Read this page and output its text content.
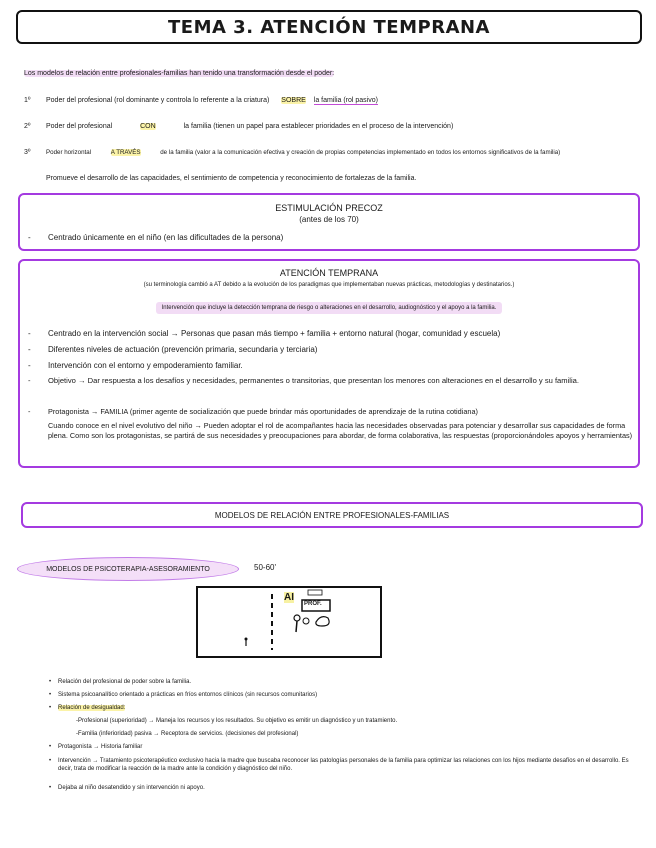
TEMA 3. ATENCIÓN TEMPRANA
Los modelos de relación entre profesionales-familias han tenido una transformación desde el poder:
1º Poder del profesional (rol dominante y controla lo referente a la criatura) SOBRE la familia (rol pasivo)
2º Poder del profesional	CON	la familia (tienen un papel para establecer prioridades en el proceso de la intervención)
3º	Poder horizontal	A TRAVÉS	de la familia (valor a la comunicación efectiva y creación de propias competencias implementado en todos los entornos significativos de la familia)
Promueve el desarrollo de las capacidades, el sentimiento de competencia y reconocimiento de fortalezas de la familia.
ESTIMULACIÓN PRECOZ
(antes de los 70)
- Centrado únicamente en el niño (en las dificultades de la persona)
ATENCIÓN TEMPRANA
(su terminología cambió a AT debido a la evolución de los paradigmas que implementaban nuevas prácticas, metodologías y destinatarios.)
Intervención que incluye la detección temprana de riesgo o alteraciones en el desarrollo, audiognóstico y el apoyo a la familia.
- Centrado en la intervención social → Personas que pasan más tiempo + familia + entorno natural (hogar, comunidad y escuela)
- Diferentes niveles de actuación (prevención primaria, secundaria y terciaria)
- Intervención con el entorno y empoderamiento familiar.
- Objetivo → Dar respuesta a los desafíos y necesidades, permanentes o transitorias, que presentan los menores con alteraciones en el desarrollo y su familia.
- Protagonista → FAMILIA (primer agente de socialización que puede brindar más oportunidades de aprendizaje de la rutina cotidiana)
Cuando conoce en el nivel evolutivo del niño → Pueden adoptar el rol de acompañantes hacia las necesidades observadas para potenciar y desarrollar sus capacidades de forma plena. Como son los protagonistas, se partirá de sus necesidades y preocupaciones para abordar, de forma colaborativa, las respuestas (proporcionándoles apoyos y herramientas)
MODELOS DE RELACIÓN ENTRE PROFESIONALES-FAMILIAS
MODELOS DE PSICOTERAPIA-ASESORAMIENTO	50-60'
AI
PROF.
• Relación del profesional de poder sobre la familia.
• Sistema psicoanalítico orientado a prácticas en fríos entornos clínicos (sin recursos comunitarios)
• Relación de desigualdad:
-Profesional (superioridad) → Maneja los recursos y los resultados. Su objetivo es emitir un diagnóstico y un tratamiento.
-Familia (inferioridad) pasiva → Receptora de servicios. (decisiones del profesional)
• Protagonista → Historia familiar
• Intervención → Tratamiento psicoterapéutico exclusivo hacia la madre que buscaba reconocer las patologías personales de la familia para optimizar las relaciones con los hijos mediante desafíos en el desarrollo. Es decir, trata de modificar la reacción de la madre ante la condición y diagnóstico del niño.
• Dejaba al niño desatendido y sin intervención ni apoyo.
